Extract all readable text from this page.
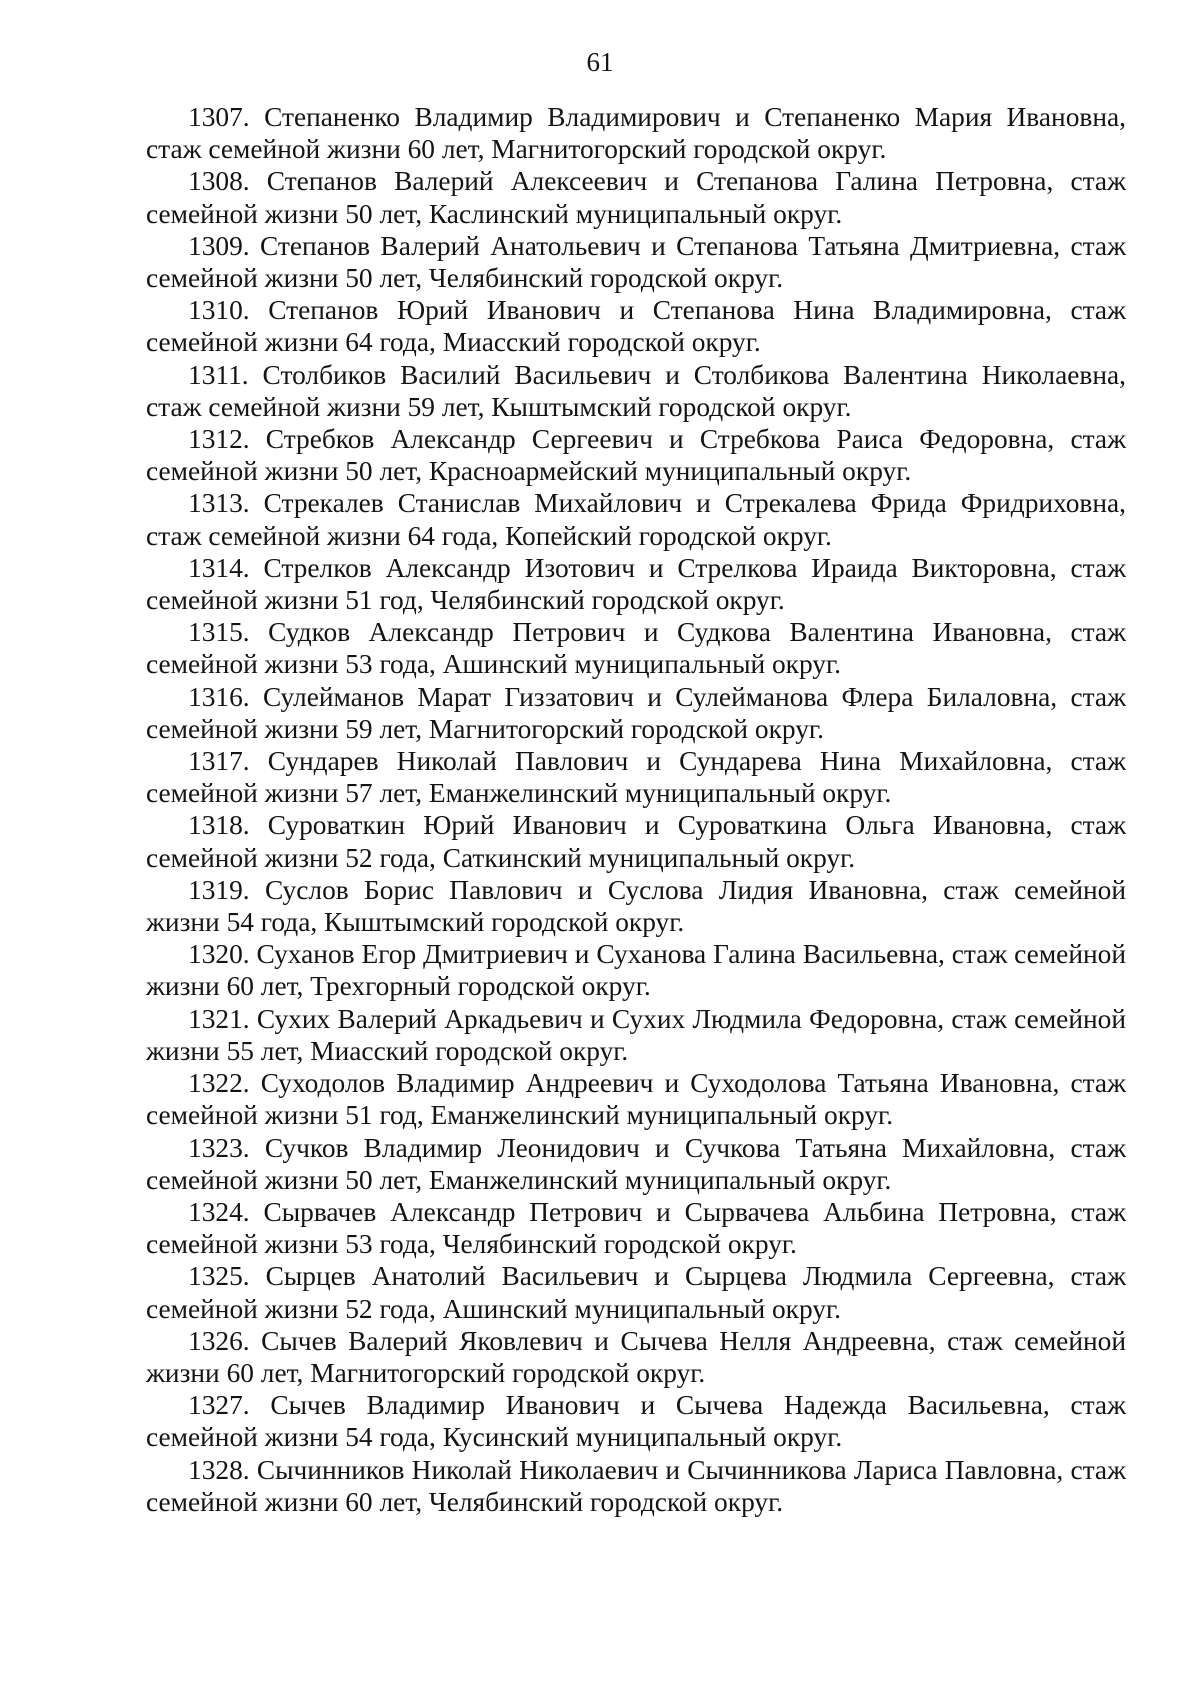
61
1307. Степаненко Владимир Владимирович и Степаненко Мария Ивановна, стаж семейной жизни 60 лет, Магнитогорский городской округ.
1308. Степанов Валерий Алексеевич и Степанова Галина Петровна, стаж семейной жизни 50 лет, Каслинский муниципальный округ.
1309. Степанов Валерий Анатольевич и Степанова Татьяна Дмитриевна, стаж семейной жизни 50 лет, Челябинский городской округ.
1310. Степанов Юрий Иванович и Степанова Нина Владимировна, стаж семейной жизни 64 года, Миасский городской округ.
1311. Столбиков Василий Васильевич и Столбикова Валентина Николаевна, стаж семейной жизни 59 лет, Кыштымский городской округ.
1312. Стребков Александр Сергеевич и Стребкова Раиса Федоровна, стаж семейной жизни 50 лет, Красноармейский муниципальный округ.
1313. Стрекалев Станислав Михайлович и Стрекалева Фрида Фридриховна, стаж семейной жизни 64 года, Копейский городской округ.
1314. Стрелков Александр Изотович и Стрелкова Ираида Викторовна, стаж семейной жизни 51 год, Челябинский городской округ.
1315. Судков Александр Петрович и Судкова Валентина Ивановна, стаж семейной жизни 53 года, Ашинский муниципальный округ.
1316. Сулейманов Марат Гиззатович и Сулейманова Флера Билаловна, стаж семейной жизни 59 лет, Магнитогорский городской округ.
1317. Сундарев Николай Павлович и Сундарева Нина Михайловна, стаж семейной жизни 57 лет, Еманжелинский муниципальный округ.
1318. Суроваткин Юрий Иванович и Суроваткина Ольга Ивановна, стаж семейной жизни 52 года, Саткинский муниципальный округ.
1319. Суслов Борис Павлович и Суслова Лидия Ивановна, стаж семейной жизни 54 года, Кыштымский городской округ.
1320. Суханов Егор Дмитриевич и Суханова Галина Васильевна, стаж семейной жизни 60 лет, Трехгорный городской округ.
1321. Сухих Валерий Аркадьевич и Сухих Людмила Федоровна, стаж семейной жизни 55 лет, Миасский городской округ.
1322. Суходолов Владимир Андреевич и Суходолова Татьяна Ивановна, стаж семейной жизни 51 год, Еманжелинский муниципальный округ.
1323. Сучков Владимир Леонидович и Сучкова Татьяна Михайловна, стаж семейной жизни 50 лет, Еманжелинский муниципальный округ.
1324. Сырвачев Александр Петрович и Сырвачева Альбина Петровна, стаж семейной жизни 53 года, Челябинский городской округ.
1325. Сырцев Анатолий Васильевич и Сырцева Людмила Сергеевна, стаж семейной жизни 52 года, Ашинский муниципальный округ.
1326. Сычев Валерий Яковлевич и Сычева Нелля Андреевна, стаж семейной жизни 60 лет, Магнитогорский городской округ.
1327. Сычев Владимир Иванович и Сычева Надежда Васильевна, стаж семейной жизни 54 года, Кусинский муниципальный округ.
1328. Сычинников Николай Николаевич и Сычинникова Лариса Павловна, стаж семейной жизни 60 лет, Челябинский городской округ.
